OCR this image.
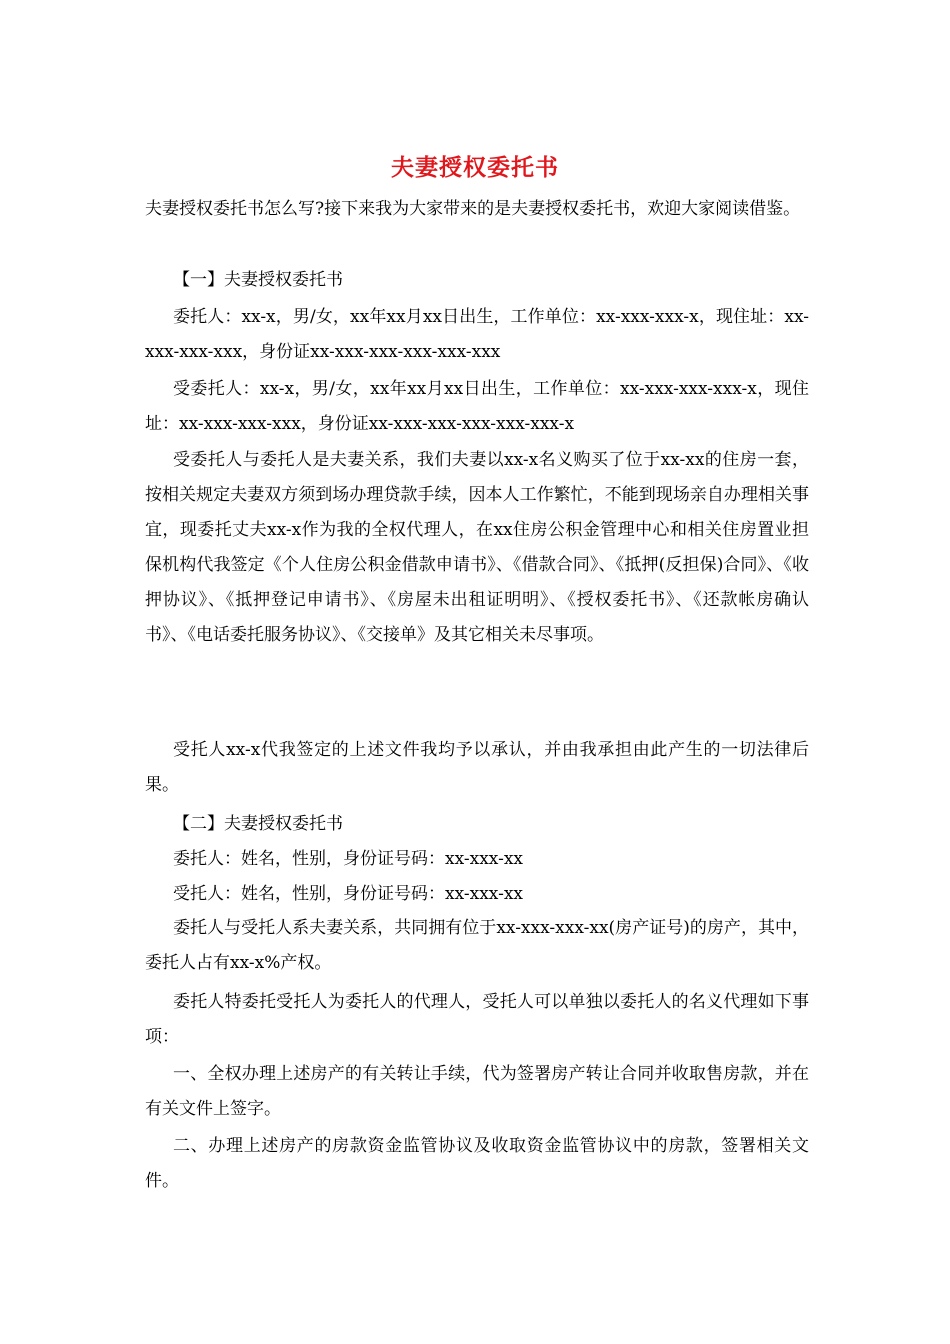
夫妻授权委托书
夫妻授权委托书怎么写?接下来我为大家带来的是夫妻授权委托书，欢迎大家阅读借鉴。
【一】夫妻授权委托书
委托人：xx-x，男/女，xx年xx月xx日出生，工作单位：xx-xxx-xxx-x，现住址：xx-xxx-xxx-xxx，身份证xx-xxx-xxx-xxx-xxx-xxx
受委托人：xx-x，男/女，xx年xx月xx日出生，工作单位：xx-xxx-xxx-xxx-x，现住址：xx-xxx-xxx-xxx，身份证xx-xxx-xxx-xxx-xxx-xxx-x
受委托人与委托人是夫妻关系，我们夫妻以xx-x名义购买了位于xx-xx的住房一套，按相关规定夫妻双方须到场办理贷款手续，因本人工作繁忙，不能到现场亲自办理相关事宜，现委托丈夫xx-x作为我的全权代理人，在xx住房公积金管理中心和相关住房置业担保机构代我签定《个人住房公积金借款申请书》、《借款合同》、《抵押(反担保)合同》、《收押协议》、《抵押登记申请书》、《房屋未出租证明明》、《授权委托书》、《还款帐房确认书》、《电话委托服务协议》、《交接单》及其它相关未尽事项。
受托人xx-x代我签定的上述文件我均予以承认，并由我承担由此产生的一切法律后果。
【二】夫妻授权委托书
委托人：姓名，性别，身份证号码：xx-xxx-xx
受托人：姓名，性别，身份证号码：xx-xxx-xx
委托人与受托人系夫妻关系，共同拥有位于xx-xxx-xxx-xx(房产证号)的房产，其中，委托人占有xx-x%产权。
委托人特委托受托人为委托人的代理人，受托人可以单独以委托人的名义代理如下事项：
一、全权办理上述房产的有关转让手续，代为签署房产转让合同并收取售房款，并在有关文件上签字。
二、办理上述房产的房款资金监管协议及收取资金监管协议中的房款，签署相关文件。
